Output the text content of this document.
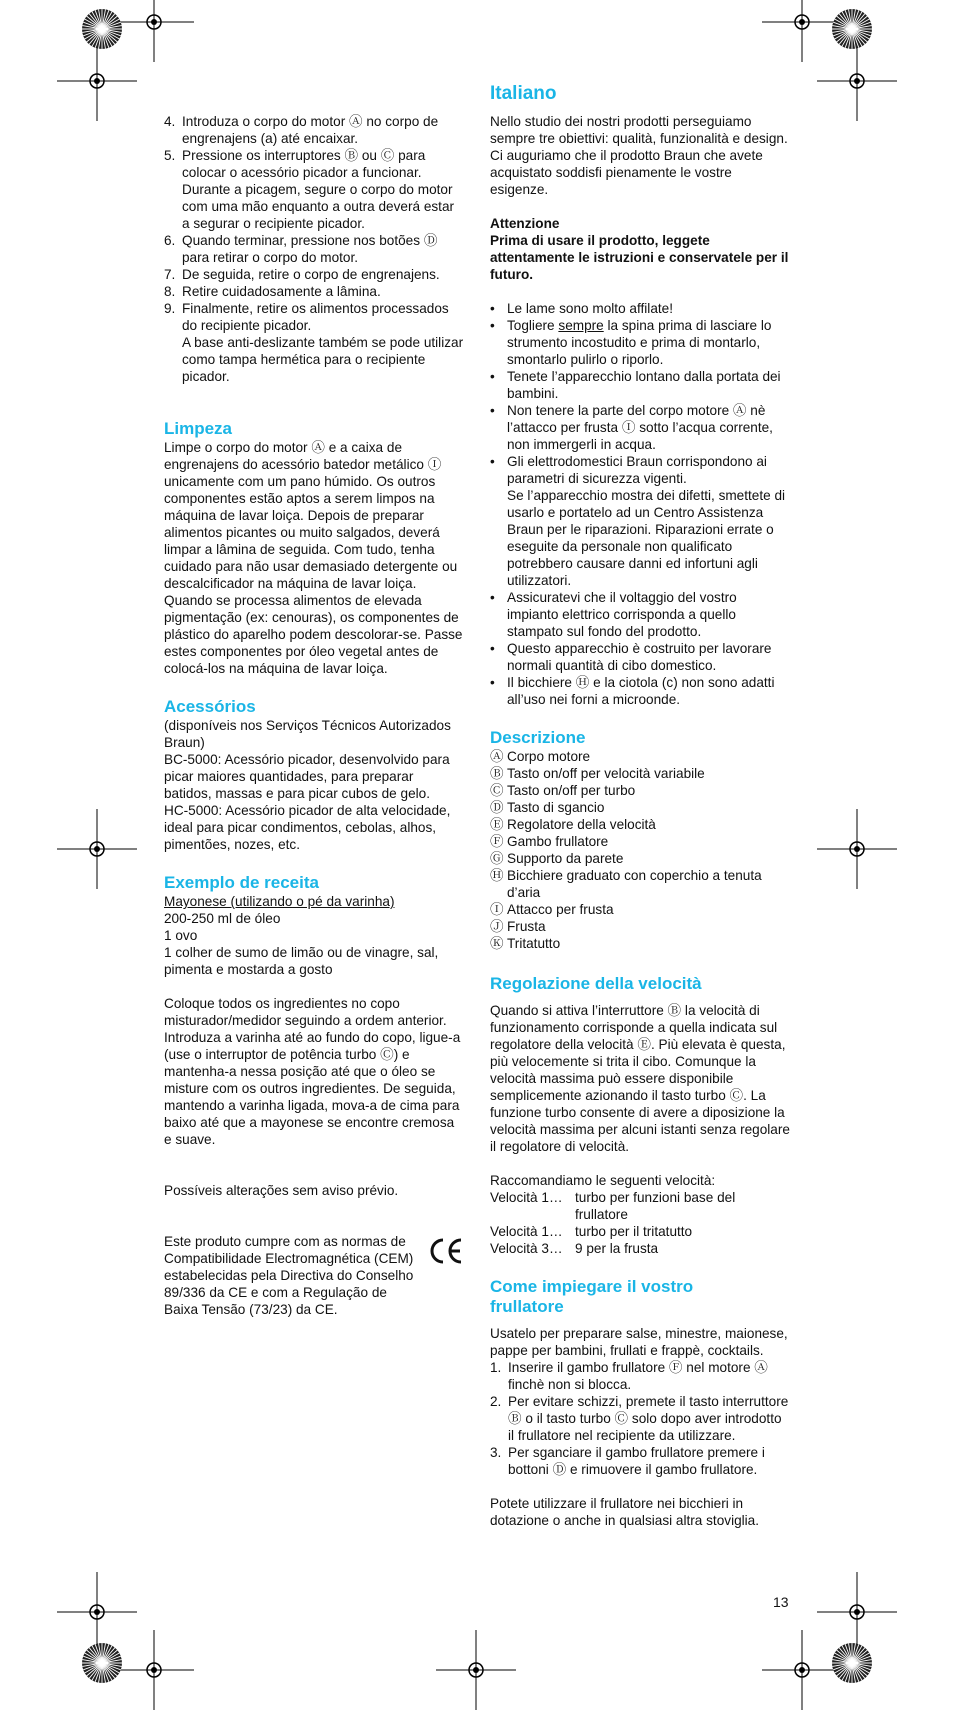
4. Introduza o corpo do motor Ⓐ no corpo de engrenajens (a) até encaixar.
5. Pressione os interruptores Ⓑ ou Ⓒ para colocar o acessório picador a funcionar. Durante a picagem, segure o corpo do motor com uma mão enquanto a outra deverá estar a segurar o recipiente picador.
6. Quando terminar, pressione nos botões Ⓓ para retirar o corpo do motor.
7. De seguida, retire o corpo de engrenajens.
8. Retire cuidadosamente a lâmina.
9. Finalmente, retire os alimentos processados do recipiente picador.
A base anti-deslizante também se pode utilizar como tampa hermética para o recipiente picador.
Limpeza

Limpe o corpo do motor Ⓐ e a caixa de engrenajens do acessório batedor metálico Ⓘ unicamente com um pano húmido. Os outros componentes estão aptos a serem limpos na máquina de lavar loiça. Depois de preparar alimentos picantes ou muito salgados, deverá limpar a lâmina de seguida. Com tudo, tenha cuidado para não usar demasiado detergente ou descalcificador na máquina de lavar loiça.
Quando se processa alimentos de elevada pigmentação (ex: cenouras), os componentes de plástico do aparelho podem descolorar-se. Passe estes componentes por óleo vegetal antes de colocá-los na máquina de lavar loiça.

Acessórios

(disponíveis nos Serviços Técnicos Autorizados Braun)
BC-5000: Acessório picador, desenvolvido para picar maiores quantidades, para preparar batidos, massas e para picar cubos de gelo.
HC-5000: Acessório picador de alta velocidade, ideal para picar condimentos, cebolas, alhos, pimentões, nozes, etc.

Exemplo de receita

Mayonese (utilizando o pé da varinha)

200-250 ml de óleo
1 ovo
1 colher de sumo de limão ou de vinagre, sal, pimenta e mostarda a gosto

Coloque todos os ingredientes no copo misturador/medidor seguindo a ordem anterior. Introduza a varinha até ao fundo do copo, ligue-a (use o interruptor de potência turbo Ⓒ) e mantenha-a nessa posição até que o óleo se misture com os outros ingredientes. De seguida, mantendo a varinha ligada, mova-a de cima para baixo até que a mayonese se encontre cremosa e suave.

Possíveis alterações sem aviso prévio.

Este produto cumpre com as normas de Compatibilidade Electromagnética (CEM) estabelecidas pela Directiva do Conselho 89/336 da CE e com a Regulação de Baixa Tensão (73/23) da CE.

Italiano

Nello studio dei nostri prodotti perseguiamo sempre tre obiettivi: qualità, funzionalità e design. Ci auguriamo che il prodotto Braun che avete acquistato soddisfi pienamente le vostre esigenze.

Attenzione

Prima di usare il prodotto, leggete attentamente le istruzioni e conservatele per il futuro.

• Le lame sono molto affilate!
• Togliere sempre la spina prima di lasciare lo strumento incostudito e prima di montarlo, smontarlo pulirlo o riporlo.
• Tenete l’apparecchio lontano dalla portata dei bambini.
• Non tenere la parte del corpo motore Ⓐ nè l’attacco per frusta Ⓘ sotto l’acqua corrente, non immergerli in acqua.
• Gli elettrodomestici Braun corrispondono ai parametri di sicurezza vigenti.
Se l’apparecchio mostra dei difetti, smettete di usarlo e portatelo ad un Centro Assistenza Braun per le riparazioni. Riparazioni errate o eseguite da personale non qualificato potrebbero causare danni ed infortuni agli utilizzatori.
• Assicuratevi che il voltaggio del vostro impianto elettrico corrisponda a quello stampato sul fondo del prodotto.
• Questo apparecchio è costruito per lavorare normali quantità di cibo domestico.
• Il bicchiere Ⓗ e la ciotola (c) non sono adatti all’uso nei forni a microonde.
Descrizione
Ⓐ Corpo motore
Ⓑ Tasto on/off per velocità variabile
Ⓒ Tasto on/off per turbo
Ⓓ Tasto di sgancio
Ⓔ Regolatore della velocità
Ⓕ Gambo frullatore
Ⓖ Supporto da parete
Ⓗ Bicchiere graduato con coperchio a tenuta d’aria
Ⓘ Attacco per frusta
Ⓙ Frusta
Ⓚ Tritatutto
Regolazione della velocità

Quando si attiva l’interruttore Ⓑ la velocità di funzionamento corrisponde a quella indicata sul regolatore della velocità Ⓔ. Più elevata è questa, più velocemente si trita il cibo. Comunque la velocità massima può essere disponibile semplicemente azionando il tasto turbo Ⓒ. La funzione turbo consente di avere a diposizione la velocità massima per alcuni istanti senza regolare il regolatore di velocità.

Raccomandiamo le seguenti velocità:

Velocità 1… turbo per funzioni base del frullatore
Velocità 1… turbo per il tritatutto
Velocità 3… 9 per la frusta
Come impiegare il vostro frullatore

Usatelo per preparare salse, minestre, maionese, pappe per bambini, frullati e frappè, cocktails.

1. Inserire il gambo frullatore Ⓕ nel motore Ⓐ finchè non si blocca.
2. Per evitare schizzi, premete il tasto interruttore Ⓑ o il tasto turbo Ⓒ solo dopo aver introdotto il frullatore nel recipiente da utilizzare.
3. Per sganciare il gambo frullatore premere i bottoni Ⓓ e rimuovere il gambo frullatore.

Potete utilizzare il frullatore nei bicchieri in dotazione o anche in qualsiasi altra stoviglia.

13
